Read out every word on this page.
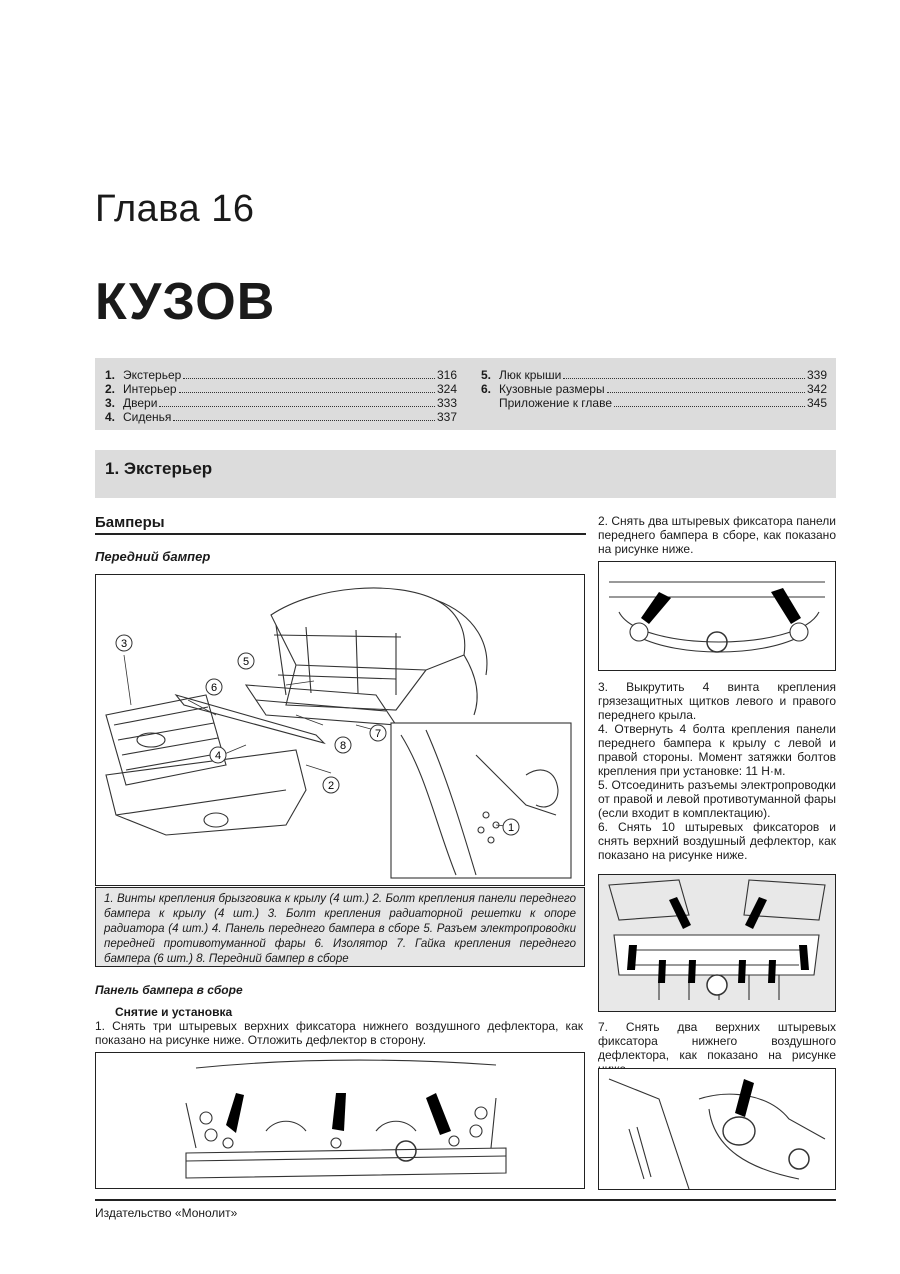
Глава 16
КУЗОВ
1. Экстерьер	316
2. Интерьер	324
3. Двери	333
4. Сиденья	337
5. Люк крыши	339
6. Кузовные размеры	342
Приложение к главе	345
1. Экстерьер
Бамперы
Передний бампер
3
5
6
4
2
8
7
1
1. Винты крепления брызговика к крылу (4 шт.) 2. Болт крепления панели переднего бампера к крылу (4 шт.) 3. Болт крепления радиаторной решетки к опоре радиатора (4 шт.) 4. Панель переднего бампера в сборе 5. Разъем электропроводки передней противотуманной фары 6. Изолятор 7. Гайка крепления переднего бампера (6 шт.) 8. Передний бампер в сборе
Панель бампера в сборе
Снятие и установка
1. Снять три штыревых верхних фиксатора нижнего воздушного дефлектора, как показано на рисунке ниже. Отложить дефлектор в сторону.
2. Снять два штыревых фиксатора панели переднего бампера в сборе, как показано на рисунке ниже.
3. Выкрутить 4 винта крепления грязезащитных щитков левого и правого переднего крыла.
4. Отвернуть 4 болта крепления панели переднего бампера к крылу с левой и правой стороны. Момент затяжки болтов крепления при установке: 11 Н·м.
5. Отсоединить разъемы электропроводки от правой и левой противотуманной фары (если входит в комплектацию).
6. Снять 10 штыревых фиксаторов и снять верхний воздушный дефлектор, как показано на рисунке ниже.
7. Снять два верхних штыревых фиксатора нижнего воздушного дефлектора, как показано на рисунке
Издательство «Монолит»
